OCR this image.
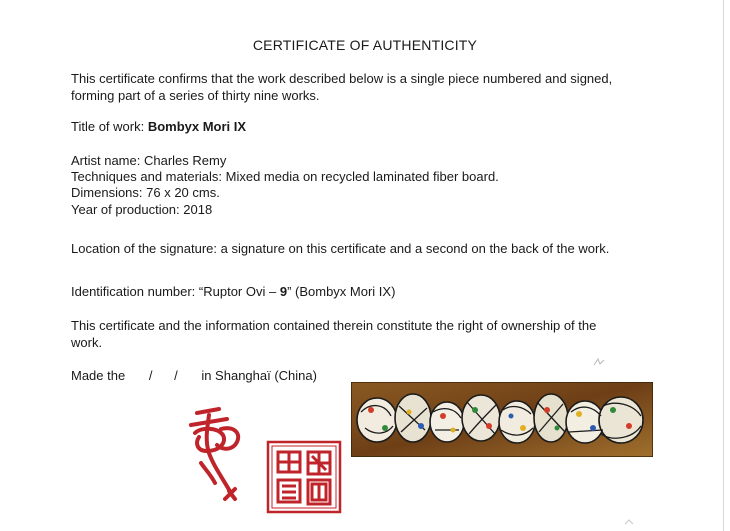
CERTIFICATE OF AUTHENTICITY
This certificate confirms that the work described below is a single piece numbered and signed,
forming part of a series of thirty nine works.
Title of work: Bombyx Mori IX
Artist name: Charles Remy
Techniques and materials: Mixed media on recycled laminated fiber board.
Dimensions: 76 x 20 cms.
Year of production: 2018
Location of the signature: a signature on this certificate and a second on the back of the work.
Identification number: “Ruptor Ovi – 9” (Bombyx Mori IX)
This certificate and the information contained therein constitute the right of ownership of the
work.
Made the / / in Shanghaï (China)
